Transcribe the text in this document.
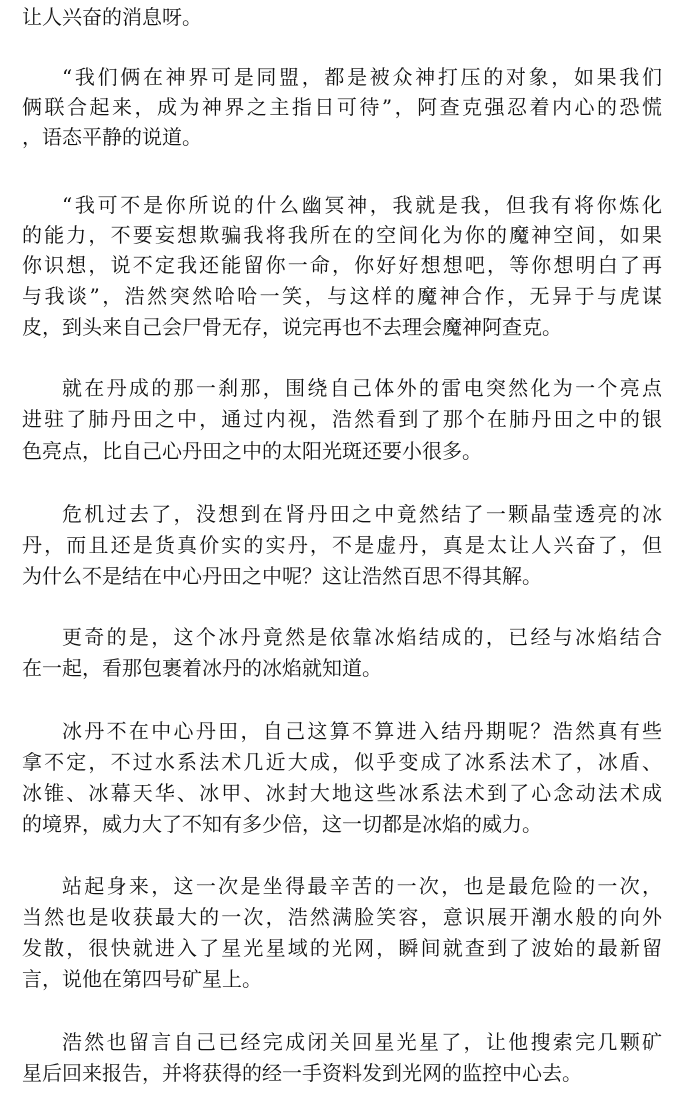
让人兴奋的消息呀。
“我们俩在神界可是同盟，都是被众神打压的对象，如果我们
俩联合起来，成为神界之主指日可待”，阿查克强忍着内心的恐慌
，语态平静的说道。
“我可不是你所说的什么幽冥神，我就是我，但我有将你炼化
的能力，不要妄想欺骗我将我所在的空间化为你的魔神空间，如果
你识想，说不定我还能留你一命，你好好想想吧，等你想明白了再
与我谈”，浩然突然哈哈一笑，与这样的魔神合作，无异于与虎谋
皮，到头来自己会尸骨无存，说完再也不去理会魔神阿查克。
就在丹成的那一刹那，围绕自己体外的雷电突然化为一个亮点
进驻了肺丹田之中，通过内视，浩然看到了那个在肺丹田之中的银
色亮点，比自己心丹田之中的太阳光斑还要小很多。
危机过去了，没想到在肾丹田之中竟然结了一颗晶莹透亮的冰
丹，而且还是货真价实的实丹，不是虚丹，真是太让人兴奋了，但
为什么不是结在中心丹田之中呢？这让浩然百思不得其解。
更奇的是，这个冰丹竟然是依靠冰焰结成的，已经与冰焰结合
在一起，看那包裹着冰丹的冰焰就知道。
冰丹不在中心丹田，自己这算不算进入结丹期呢？浩然真有些
拿不定，不过水系法术几近大成，似乎变成了冰系法术了，冰盾、
冰锥、冰幕天华、冰甲、冰封大地这些冰系法术到了心念动法术成
的境界，威力大了不知有多少倍，这一切都是冰焰的威力。
站起身来，这一次是坐得最辛苦的一次，也是最危险的一次，
当然也是收获最大的一次，浩然满脸笑容，意识展开潮水般的向外
发散，很快就进入了星光星域的光网，瞬间就查到了波始的最新留
言，说他在第四号矿星上。
浩然也留言自己已经完成闭关回星光星了，让他搜索完几颗矿
星后回来报告，并将获得的经一手资料发到光网的监控中心去。
